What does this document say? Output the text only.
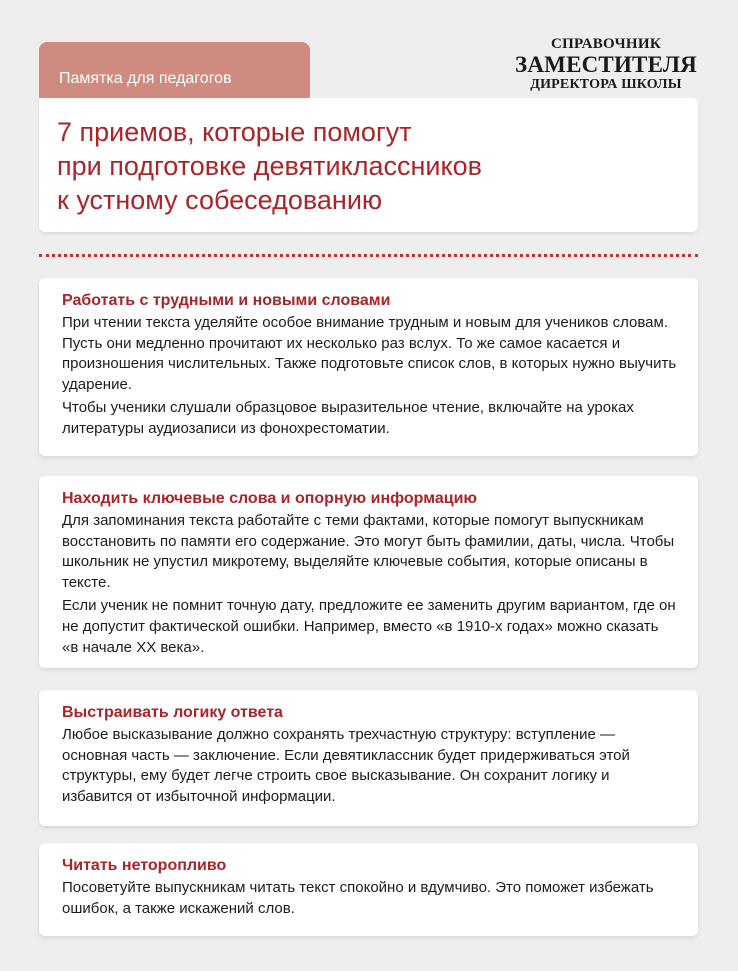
Памятка для педагогов
СПРАВОЧНИК
ЗАМЕСТИТЕЛЯ
ДИРЕКТОРА ШКОЛЫ
7 приемов, которые помогут
при подготовке девятиклассников
к устному собеседованию
Работать с трудными и новыми словами

При чтении текста уделяйте особое внимание трудным и новым для учеников словам. Пусть они медленно прочитают их несколько раз вслух. То же самое касается и произношения числительных. Также подготовьте список слов, в которых нужно выучить ударение.

Чтобы ученики слушали образцовое выразительное чтение, включайте на уроках литературы аудиозаписи из фонохрестоматии.

Находить ключевые слова и опорную информацию

Для запоминания текста работайте с теми фактами, которые помогут выпускникам восстановить по памяти его содержание. Это могут быть фамилии, даты, числа. Чтобы школьник не упустил микротему, выделяйте ключевые события, которые описаны в тексте.

Если ученик не помнит точную дату, предложите ее заменить другим вариантом, где он не допустит фактической ошибки. Например, вместо «в 1910-х годах» можно сказать «в начале XX века».

Выстраивать логику ответа

Любое высказывание должно сохранять трехчастную структуру: вступление — основная часть — заключение. Если девятиклассник будет придерживаться этой структуры, ему будет легче строить свое высказывание. Он сохранит логику и избавится от избыточной информации.

Читать неторопливо

Посоветуйте выпускникам читать текст спокойно и вдумчиво. Это поможет избежать ошибок, а также искажений слов.
